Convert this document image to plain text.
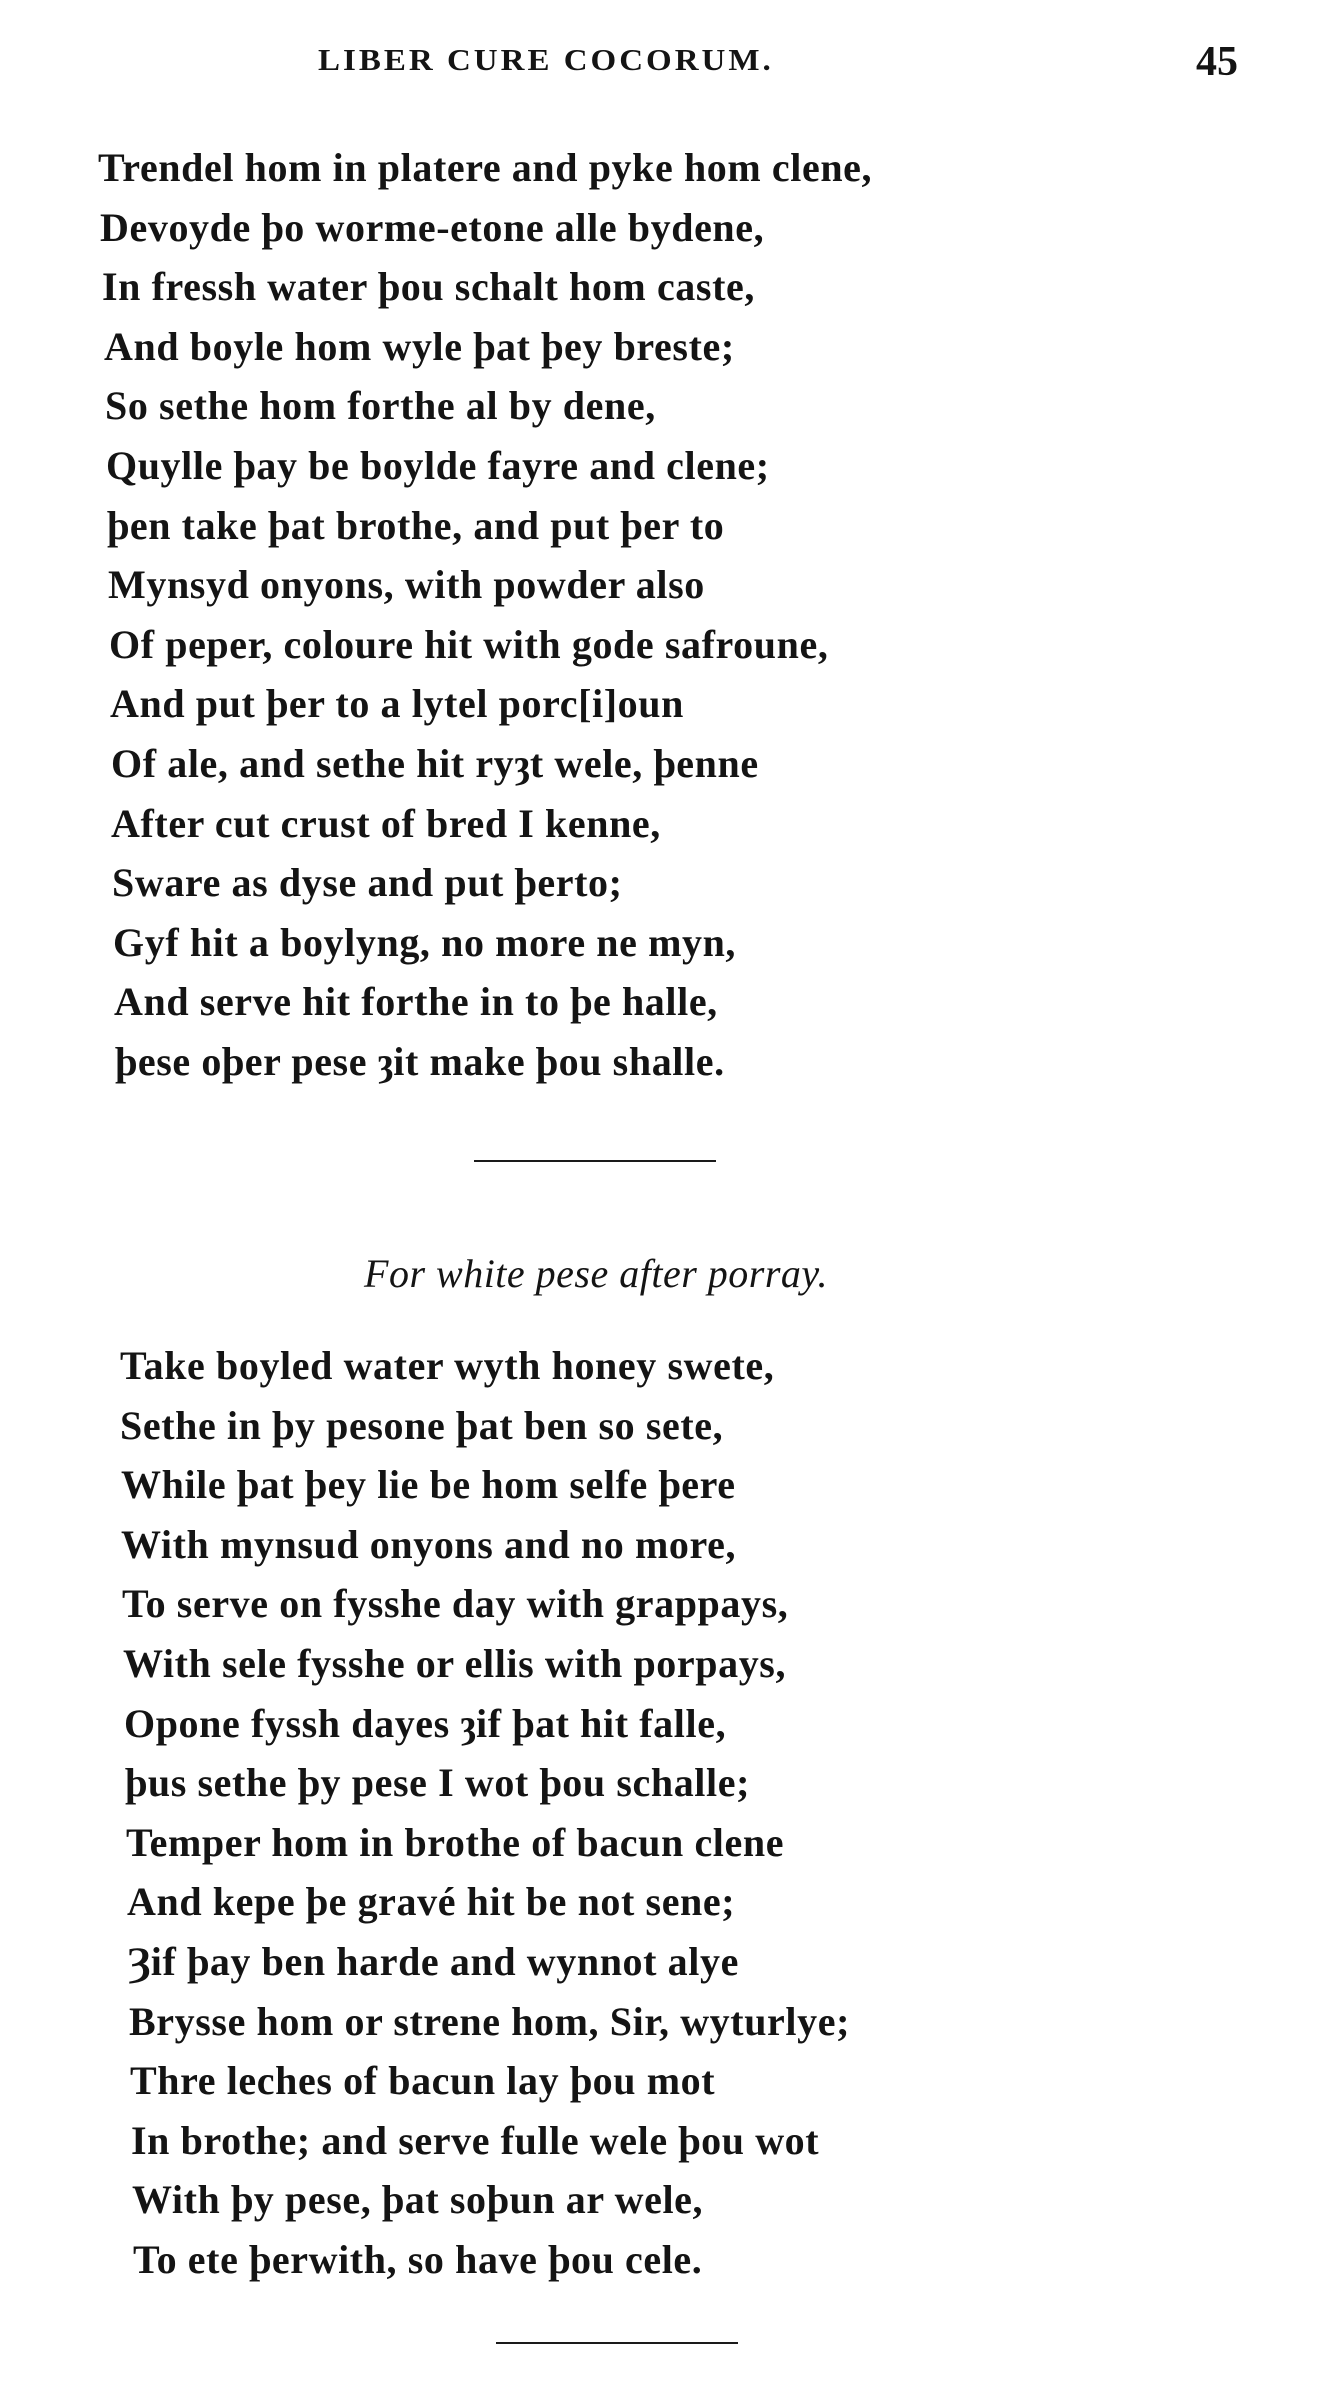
LIBER CURE COCORUM.	45
Trendel hom in platere and pyke hom clene,
Devoyde þo worme-etone alle bydene,
In fressh water þou schalt hom caste,
And boyle hom wyle þat þey breste;
So sethe hom forthe al by dene,
Quylle þay be boylde fayre and clene;
þen take þat brothe, and put þer to
Mynsyd onyons, with powder also
Of peper, coloure hit with gode safroune,
And put þer to a lytel porc[i]oun
Of ale, and sethe hit ryȝt wele, þenne
After cut crust of bred I kenne,
Sware as dyse and put þerto;
Gyf hit a boylyng, no more ne myn,
And serve hit forthe in to þe halle,
þese oþer pese ȝit make þou shalle.
For white pese after porray.
Take boyled water wyth honey swete,
Sethe in þy pesone þat ben so sete,
While þat þey lie be hom selfe þere
With mynsud onyons and no more,
To serve on fysshe day with grappays,
With sele fysshe or ellis with porpays,
Opone fyssh dayes ȝif þat hit falle,
þus sethe þy pese I wot þou schalle;
Temper hom in brothe of bacun clene
And kepe þe gravé hit be not sene;
Ȝif þay ben harde and wynnot alye
Brysse hom or strene hom, Sir, wyturlye;
Thre leches of bacun lay þou mot
In brothe; and serve fulle wele þou wot
With þy pese, þat soþun ar wele,
To ete þerwith, so have þou cele.
